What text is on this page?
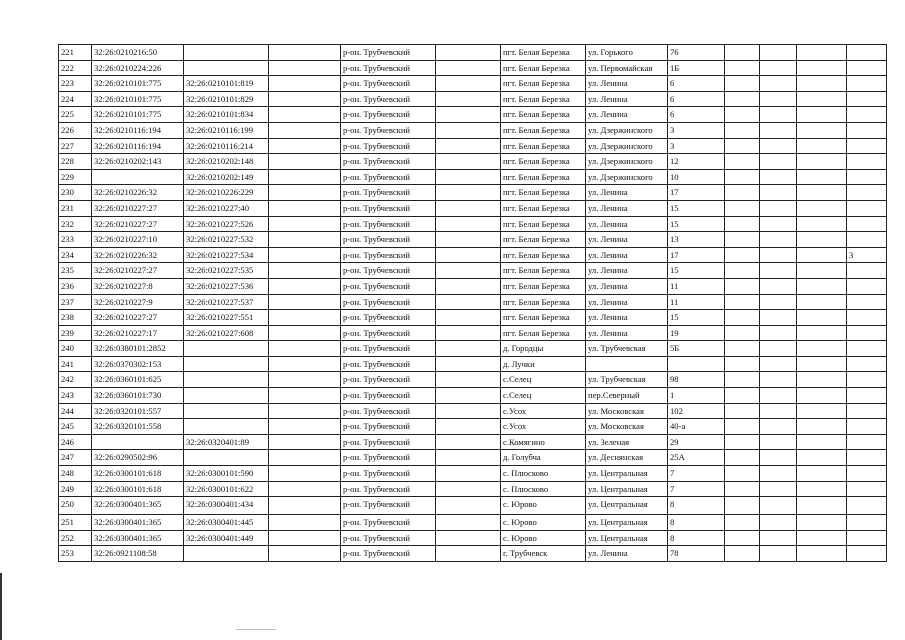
221	32:26:0210216:50			р-он. Трубчевский		пгт. Белая Березка	ул. Горького	76				
222	32:26:0210224:226			р-он. Трубчевский		пгт. Белая Березка	ул. Первомайская	1Б				
223	32:26:0210101:775	32:26:0210101:819		р-он. Трубчевский		пгт. Белая Березка	ул. Ленина	6				
224	32:26:0210101:775	32:26:0210101:829		р-он. Трубчевский		пгт. Белая Березка	ул. Ленина	6				
225	32:26:0210101:775	32:26:0210101:834		р-он. Трубчевский		пгт. Белая Березка	ул. Ленина	6				
226	32:26:0210116:194	32:26:0210116:199		р-он. Трубчевский		пгт. Белая Березка	ул. Дзержинского	3				
227	32:26:0210116:194	32:26:0210116:214		р-он. Трубчевский		пгт. Белая Березка	ул. Дзержинского	3				
228	32:26:0210202:143	32:26:0210202:148		р-он. Трубчевский		пгт. Белая Березка	ул. Дзержинского	12				
229		32:26:0210202:149		р-он. Трубчевский		пгт. Белая Березка	ул. Дзержинского	10				
230	32:26:0210226:32	32:26:0210226:229		р-он. Трубчевский		пгт. Белая Березка	ул. Ленина	17				
231	32:26:0210227:27	32:26:0210227:40		р-он. Трубчевский		пгт. Белая Березка	ул. Ленина	15				
232	32:26:0210227:27	32:26:0210227:526		р-он. Трубчевский		пгт. Белая Березка	ул. Ленина	15				
233	32:26:0210227:10	32:26:0210227:532		р-он. Трубчевский		пгт. Белая Березка	ул. Ленина	13				
234	32:26:0210226:32	32:26:0210227:534		р-он. Трубчевский		пгт. Белая Березка	ул. Ленина	17				3
235	32:26:0210227:27	32:26:0210227:535		р-он. Трубчевский		пгт. Белая Березка	ул. Ленина	15				
236	32:26:0210227:8	32:26:0210227:536		р-он. Трубчевский		пгт. Белая Березка	ул. Ленина	11				
237	32:26:0210227:9	32:26:0210227:537		р-он. Трубчевский		пгт. Белая Березка	ул. Ленина	11				
238	32:26:0210227:27	32:26:0210227:551		р-он. Трубчевский		пгт. Белая Березка	ул. Ленина	15				
239	32:26:0210227:17	32:26:0210227:608		р-он. Трубчевский		пгт. Белая Березка	ул. Ленина	19				
240	32:26:0380101:2852			р-он. Трубчевский		д. Городцы	ул. Трубчевская	5Б				
241	32:26:0370302:153			р-он. Трубчевский		д. Лучки						
242	32:26:0360101:625			р-он. Трубчевский		с.Селец	ул. Трубчевская	98				
243	32:26:0360101:730			р-он. Трубчевский		с.Селец	пер.Северный	1				
244	32:26:0320101:557			р-он. Трубчевский		с.Усох	ул. Московская	102				
245	32:26:0320101:558			р-он. Трубчевский		с.Усох	ул. Московская	40-а				
246		32:26:0320401:89		р-он. Трубчевский		с.Комягино	ул. Зеленая	29				
247	32:26:0290502:96			р-он. Трубчевский		д. Голубча	ул. Деснянская	25А				
248	32:26:0300101:618	32:26:0300101:590		р-он. Трубчевский		с. Плюсково	ул. Центральная	7				
249	32:26:0300101:618	32:26:0300101:622		р-он. Трубчевский		с. Плюсково	ул. Центральная	7				
250	32:26:0300401:365	32:26:0300401:434		р-он. Трубчевский		с. Юрово	ул. Центральная	8				
251	32:26:0300401:365	32:26:0300401:445		р-он. Трубчевский		с. Юрово	ул. Центральная	8				
252	32:26:0300401:365	32:26:0300401:449		р-он. Трубчевский		с. Юрово	ул. Центральная	8				
253	32:26:0921108:58			р-он. Трубчевский		г. Трубчевск	ул. Ленина	78				
